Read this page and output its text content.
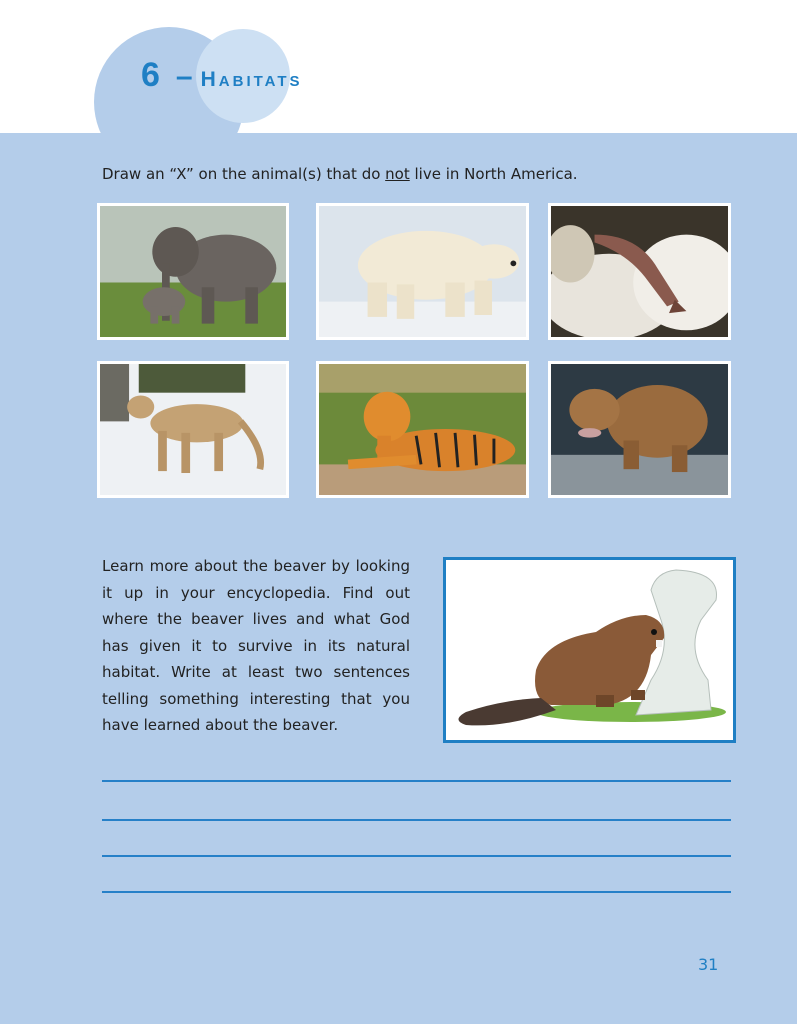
6 – Habitats
Draw an “X” on the animal(s) that do not live in North America.
Learn more about the beaver by looking it up in your encyclopedia. Find out where the beaver lives and what God has given it to survive in its natural habitat. Write at least two sentences telling something interesting that you have learned about the beaver.
31
